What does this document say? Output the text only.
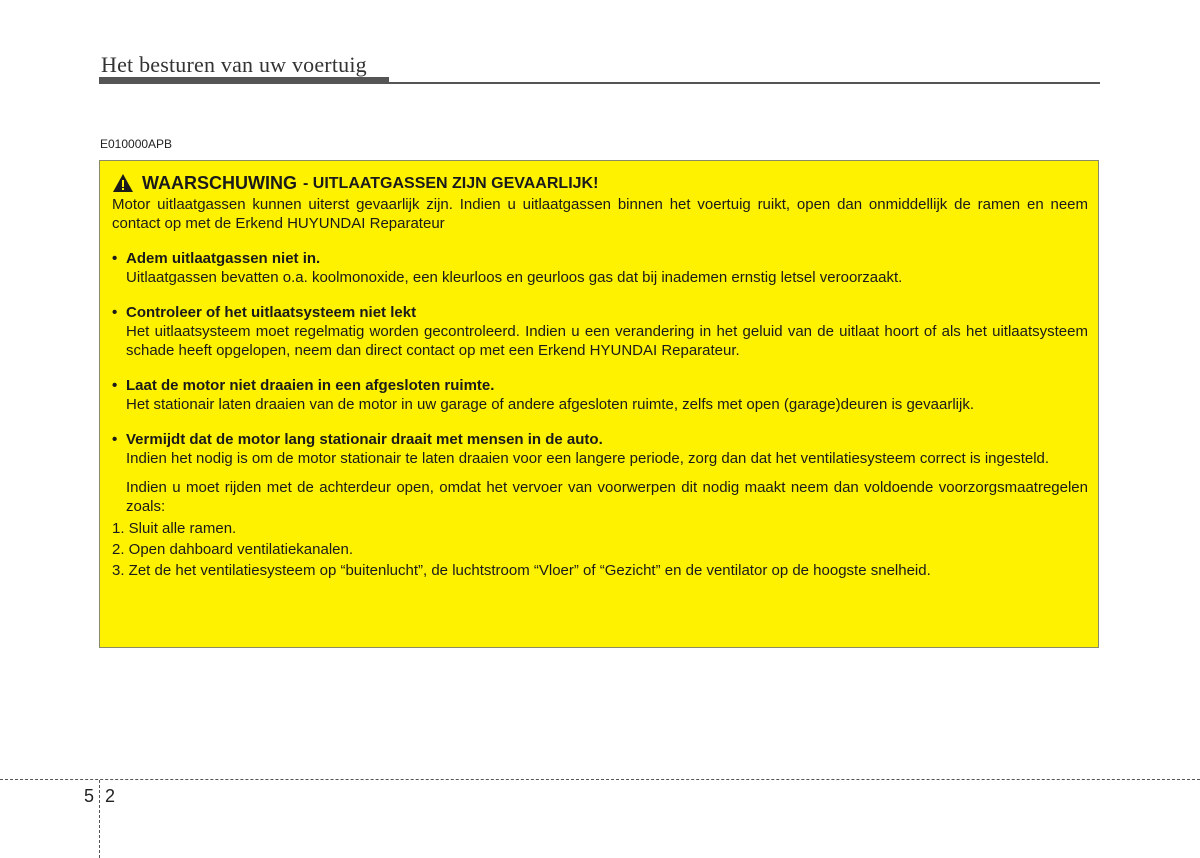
Het besturen van uw voertuig
E010000APB
WAARSCHUWING - UITLAATGASSEN ZIJN GEVAARLIJK!

Motor uitlaatgassen kunnen uiterst gevaarlijk zijn. Indien u uitlaatgassen binnen het voertuig ruikt, open dan onmiddellijk de ramen en neem contact op met de Erkend HUYUNDAI Reparateur

• Adem uitlaatgassen niet in.
Uitlaatgassen bevatten o.a. koolmonoxide, een kleurloos en geurloos gas dat bij inademen ernstig letsel veroorzaakt.
• Controleer of het uitlaatsysteem niet lekt
Het uitlaatsysteem moet regelmatig worden gecontroleerd. Indien u een verandering in het geluid van de uitlaat hoort of als het uitlaatsysteem schade heeft opgelopen, neem dan direct contact op met een Erkend HYUNDAI Reparateur.
• Laat de motor niet draaien in een afgesloten ruimte.
Het stationair laten draaien van de motor in uw garage of andere afgesloten ruimte, zelfs met open (garage)deuren is gevaarlijk.
• Vermijdt dat de motor lang stationair draait met mensen in de auto.
Indien het nodig is om de motor stationair te laten draaien voor een langere periode, zorg dan dat het ventilatiesysteem correct is ingesteld.
Indien u moet rijden met de achterdeur open, omdat het vervoer van voorwerpen dit nodig maakt neem dan voldoende voorzorgsmaatregelen zoals:
1. Sluit alle ramen.
2. Open dahboard ventilatiekanalen.
3. Zet de het ventilatiesysteem op “buitenlucht”, de luchtstroom “Vloer” of “Gezicht” en de ventilator op de hoogste snelheid.
5 2
